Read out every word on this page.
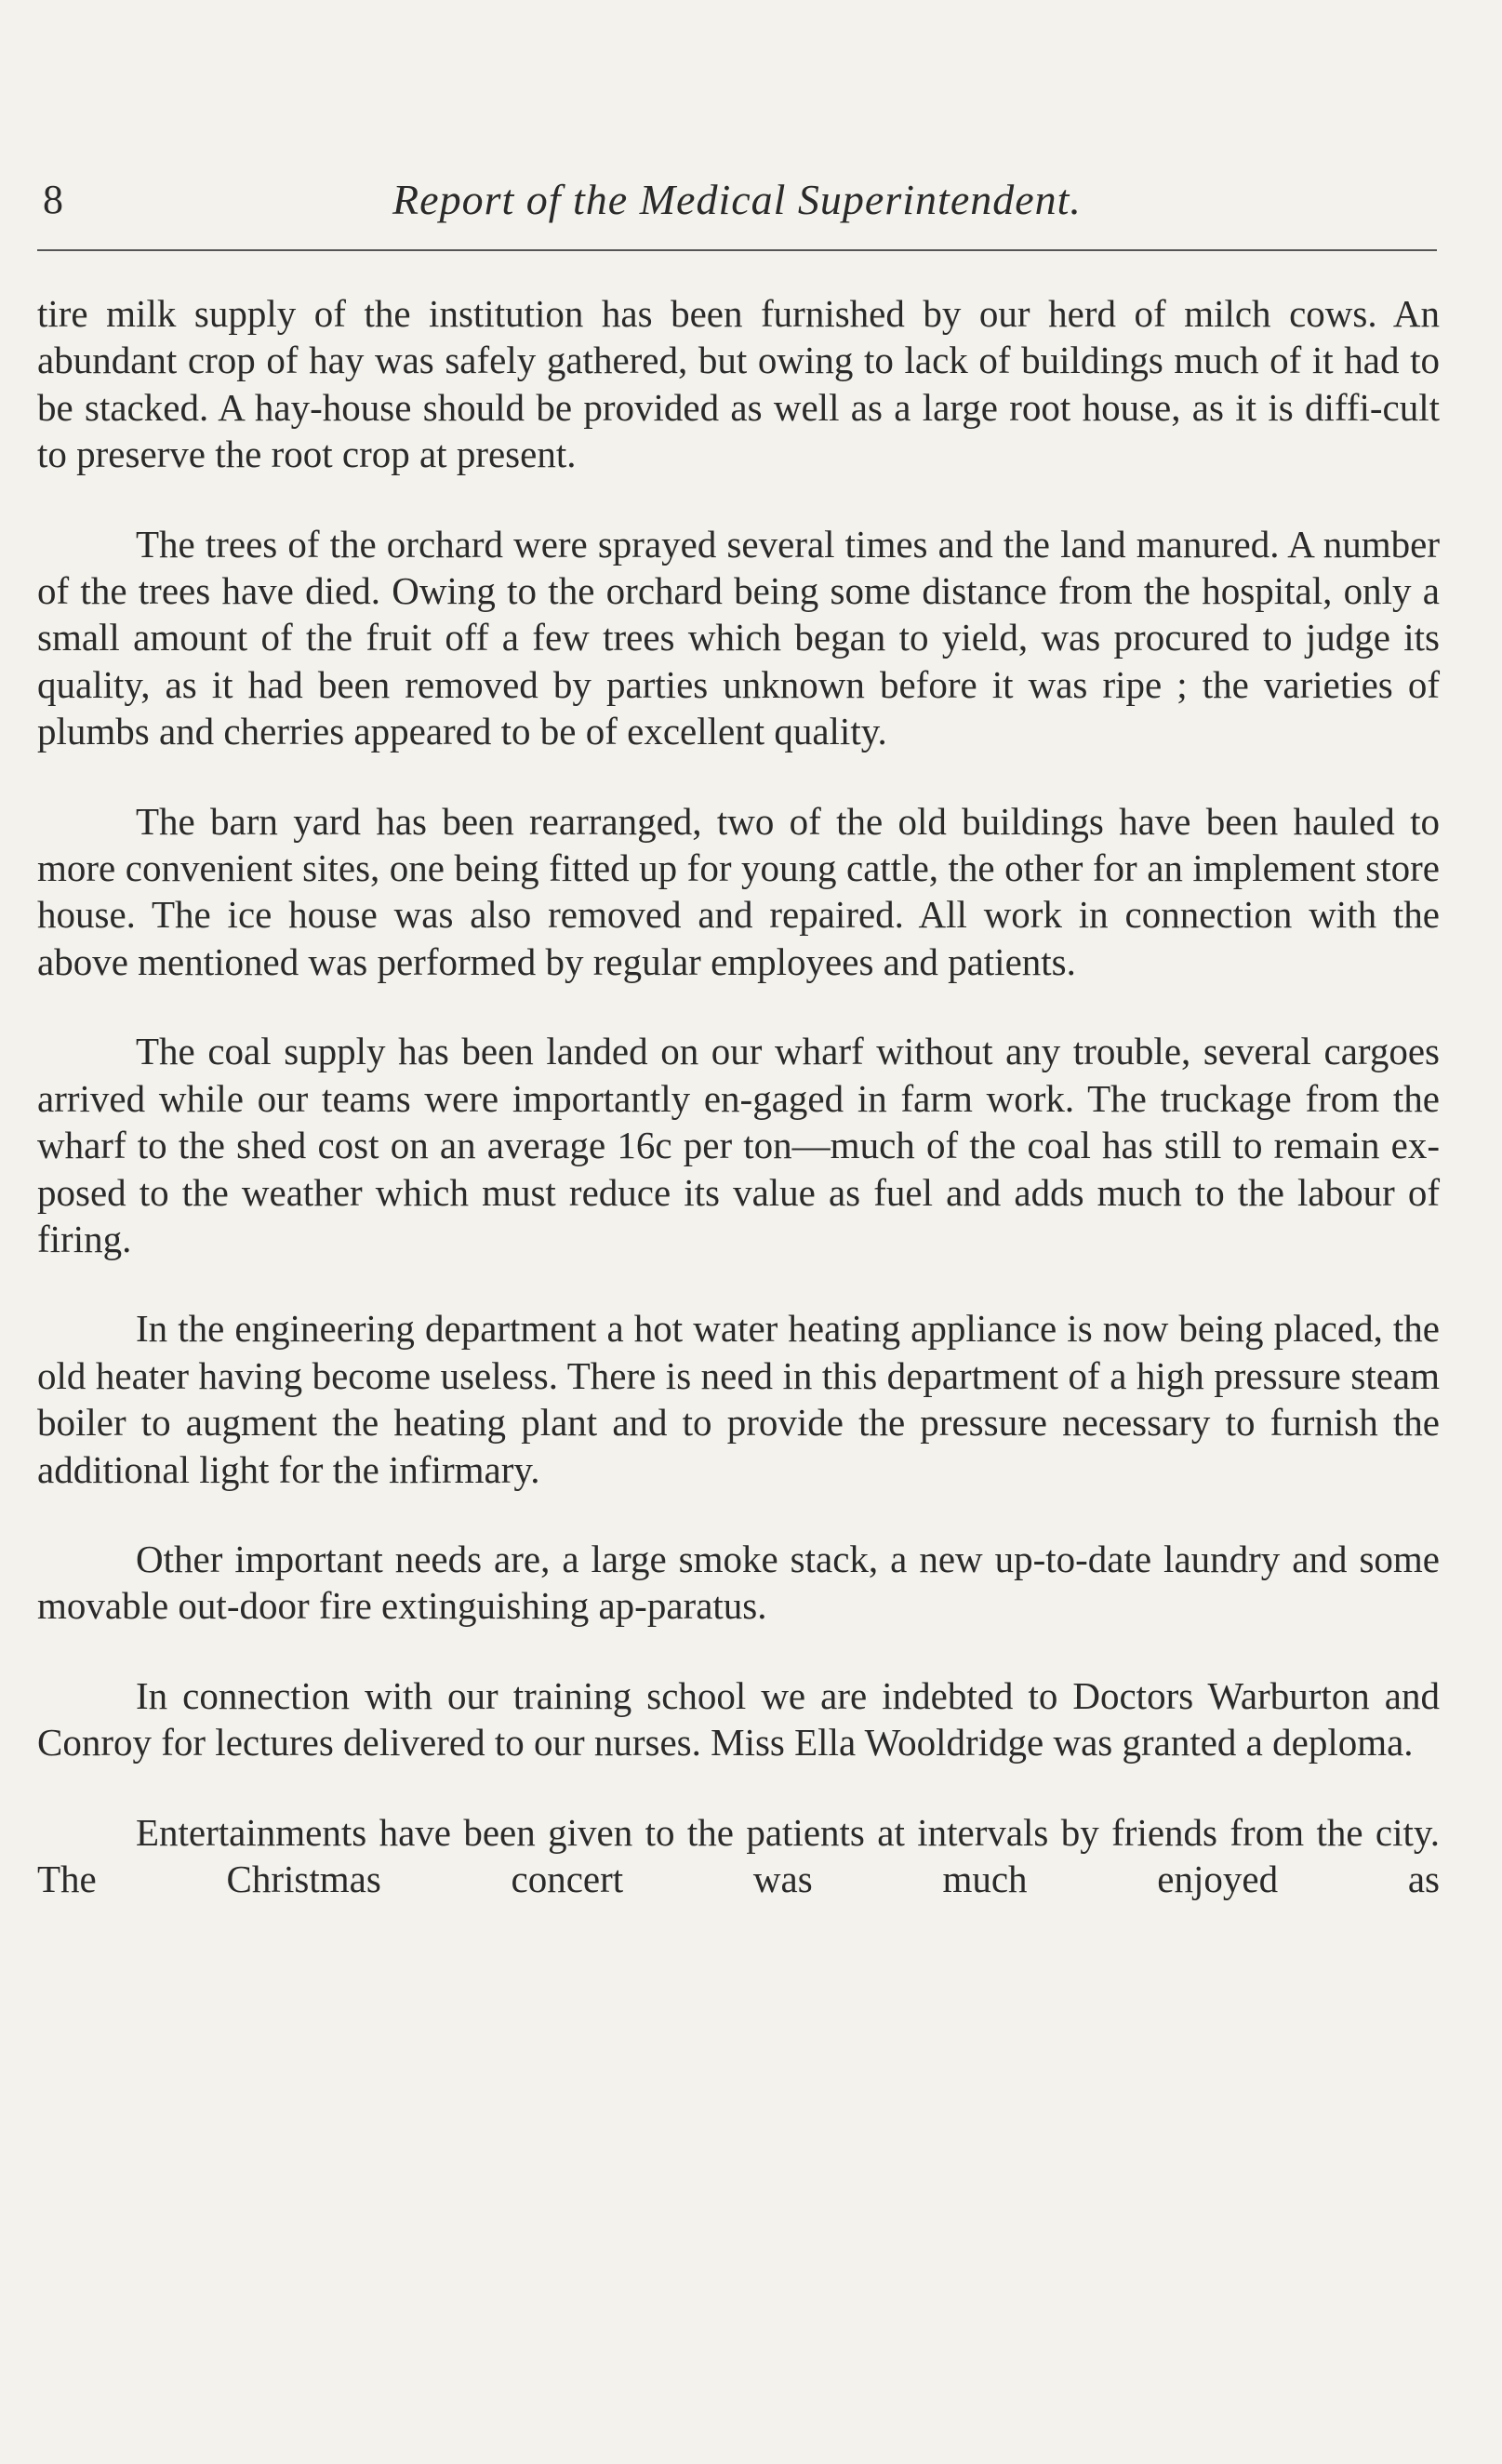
Report of the Medical Superintendent.
8

tire milk supply of the institution has been furnished by our herd of milch cows. An abundant crop of hay was safely gathered, but owing to lack of buildings much of it had to be stacked. A hay-house should be provided as well as a large root house, as it is diffi-cult to preserve the root crop at present.

The trees of the orchard were sprayed several times and the land manured. A number of the trees have died. Owing to the orchard being some distance from the hospital, only a small amount of the fruit off a few trees which began to yield, was procured to judge its quality, as it had been removed by parties unknown before it was ripe ; the varieties of plumbs and cherries appeared to be of excellent quality.

The barn yard has been rearranged, two of the old buildings have been hauled to more convenient sites, one being fitted up for young cattle, the other for an implement store house. The ice house was also removed and repaired. All work in connection with the above mentioned was performed by regular employees and patients.

The coal supply has been landed on our wharf without any trouble, several cargoes arrived while our teams were importantly en-gaged in farm work. The truckage from the wharf to the shed cost on an average 16c per ton—much of the coal has still to remain ex-posed to the weather which must reduce its value as fuel and adds much to the labour of firing.

In the engineering department a hot water heating appliance is now being placed, the old heater having become useless. There is need in this department of a high pressure steam boiler to augment the heating plant and to provide the pressure necessary to furnish the additional light for the infirmary.

Other important needs are, a large smoke stack, a new up-to-date laundry and some movable out-door fire extinguishing ap-paratus.

In connection with our training school we are indebted to Doctors Warburton and Conroy for lectures delivered to our nurses. Miss Ella Wooldridge was granted a deploma.

Entertainments have been given to the patients at intervals by friends from the city. The Christmas concert was much enjoyed as
